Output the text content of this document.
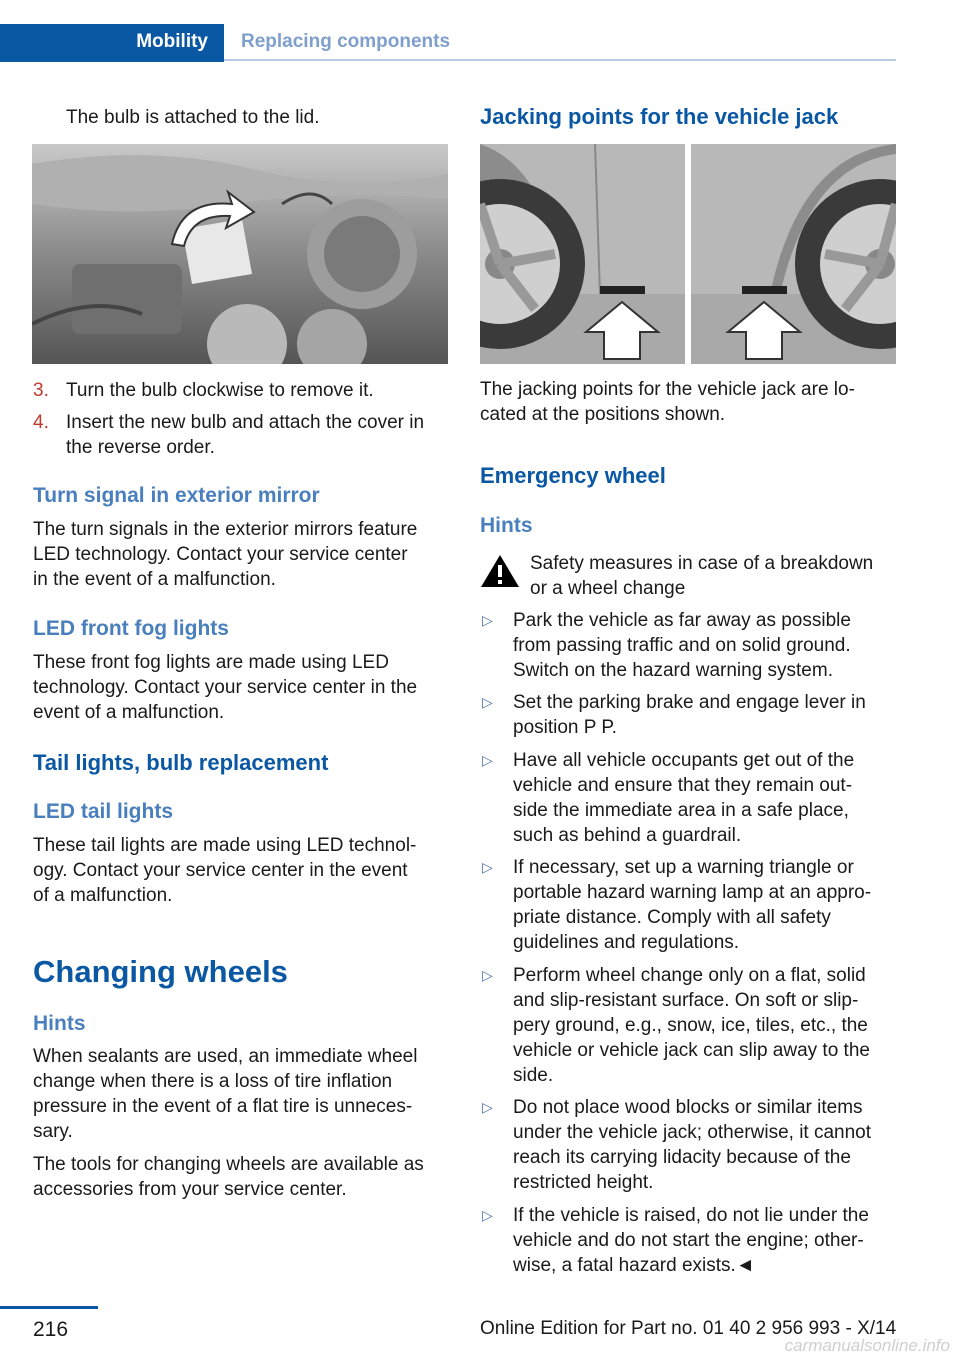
Mobility Replacing components
The bulb is attached to the lid.
3. Turn the bulb clockwise to remove it.
4. Insert the new bulb and attach the cover in
the reverse order.
Turn signal in exterior mirror
The turn signals in the exterior mirrors feature
LED technology. Contact your service center
in the event of a malfunction.
LED front fog lights
These front fog lights are made using LED
technology. Contact your service center in the
event of a malfunction.
Tail lights, bulb replacement
LED tail lights
These tail lights are made using LED technol-
ogy. Contact your service center in the event
of a malfunction.
Changing wheels
Hints
When sealants are used, an immediate wheel
change when there is a loss of tire inflation
pressure in the event of a flat tire is unneces-
sary.
The tools for changing wheels are available as
accessories from your service center.
Jacking points for the vehicle jack
The jacking points for the vehicle jack are lo-
cated at the positions shown.
Emergency wheel
Hints
Safety measures in case of a breakdown
or a wheel change
▷ Park the vehicle as far away as possible
from passing traffic and on solid ground.
Switch on the hazard warning system.
▷ Set the parking brake and engage lever in
position P P.
▷ Have all vehicle occupants get out of the
vehicle and ensure that they remain out-
side the immediate area in a safe place,
such as behind a guardrail.
▷ If necessary, set up a warning triangle or
portable hazard warning lamp at an appro-
priate distance. Comply with all safety
guidelines and regulations.
▷ Perform wheel change only on a flat, solid
and slip-resistant surface. On soft or slip-
pery ground, e.g., snow, ice, tiles, etc., the
vehicle or vehicle jack can slip away to the
side.
▷ Do not place wood blocks or similar items
under the vehicle jack; otherwise, it cannot
reach its carrying lidacity because of the
restricted height.
▷ If the vehicle is raised, do not lie under the
vehicle and do not start the engine; other-
wise, a fatal hazard exists.◄
216	Online Edition for Part no. 01 40 2 956 993 - X/14
carmanualsonline.info
